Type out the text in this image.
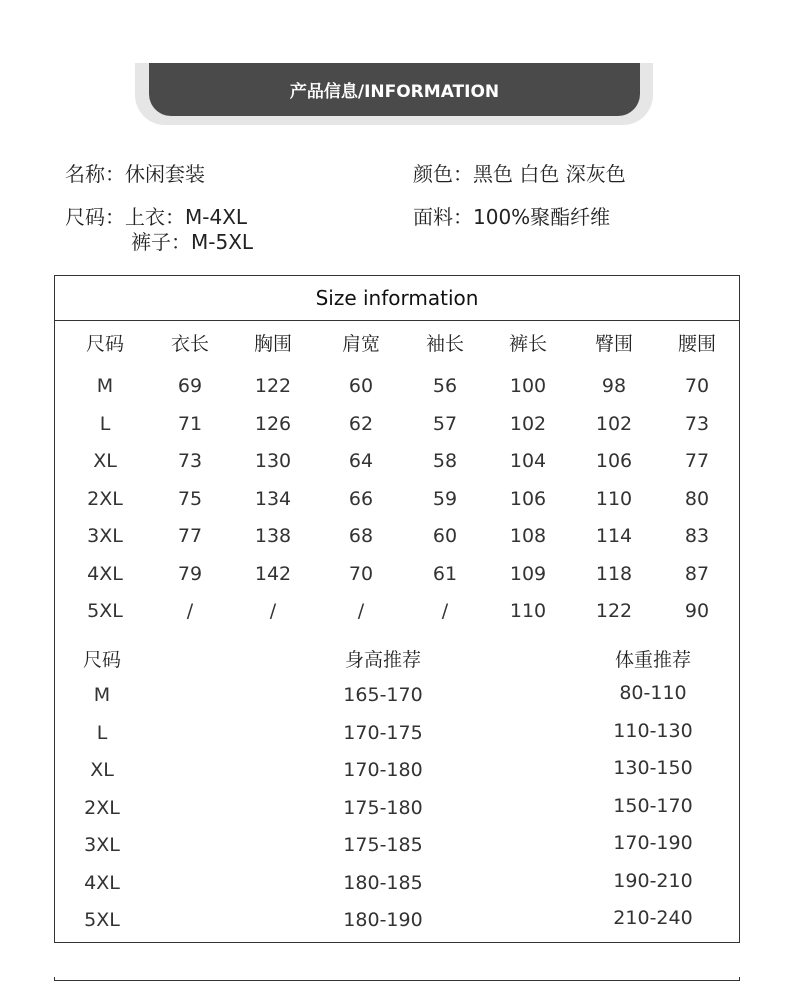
产品信息/INFORMATION
名称：休闲套装	颜色：黑色 白色 深灰色
尺码：上衣：M-4XL
裤子：M-5XL
面料：100%聚酯纤维
Size information
尺码 衣长 胸围	肩宽 袖长 裤长	臀围 腰围
M	69	122	60	56	100	98	70
L	71	126	62	57	102	102	73
XL	73	130	64	58	104	106	77
2XL	75	134	66	59	106	110	80
3XL	77	138	68	60	108	114	83
4XL	79	142	70	61	109	118	87
5XL	/	/	/	/	110	122	90
尺码	身高推荐	体重推荐
M	165-170	80-110
L	170-175	110-130
XL	170-180	130-150
2XL	175-180	150-170
3XL	175-185	170-190
4XL	180-185	190-210
5XL	180-190	210-240
